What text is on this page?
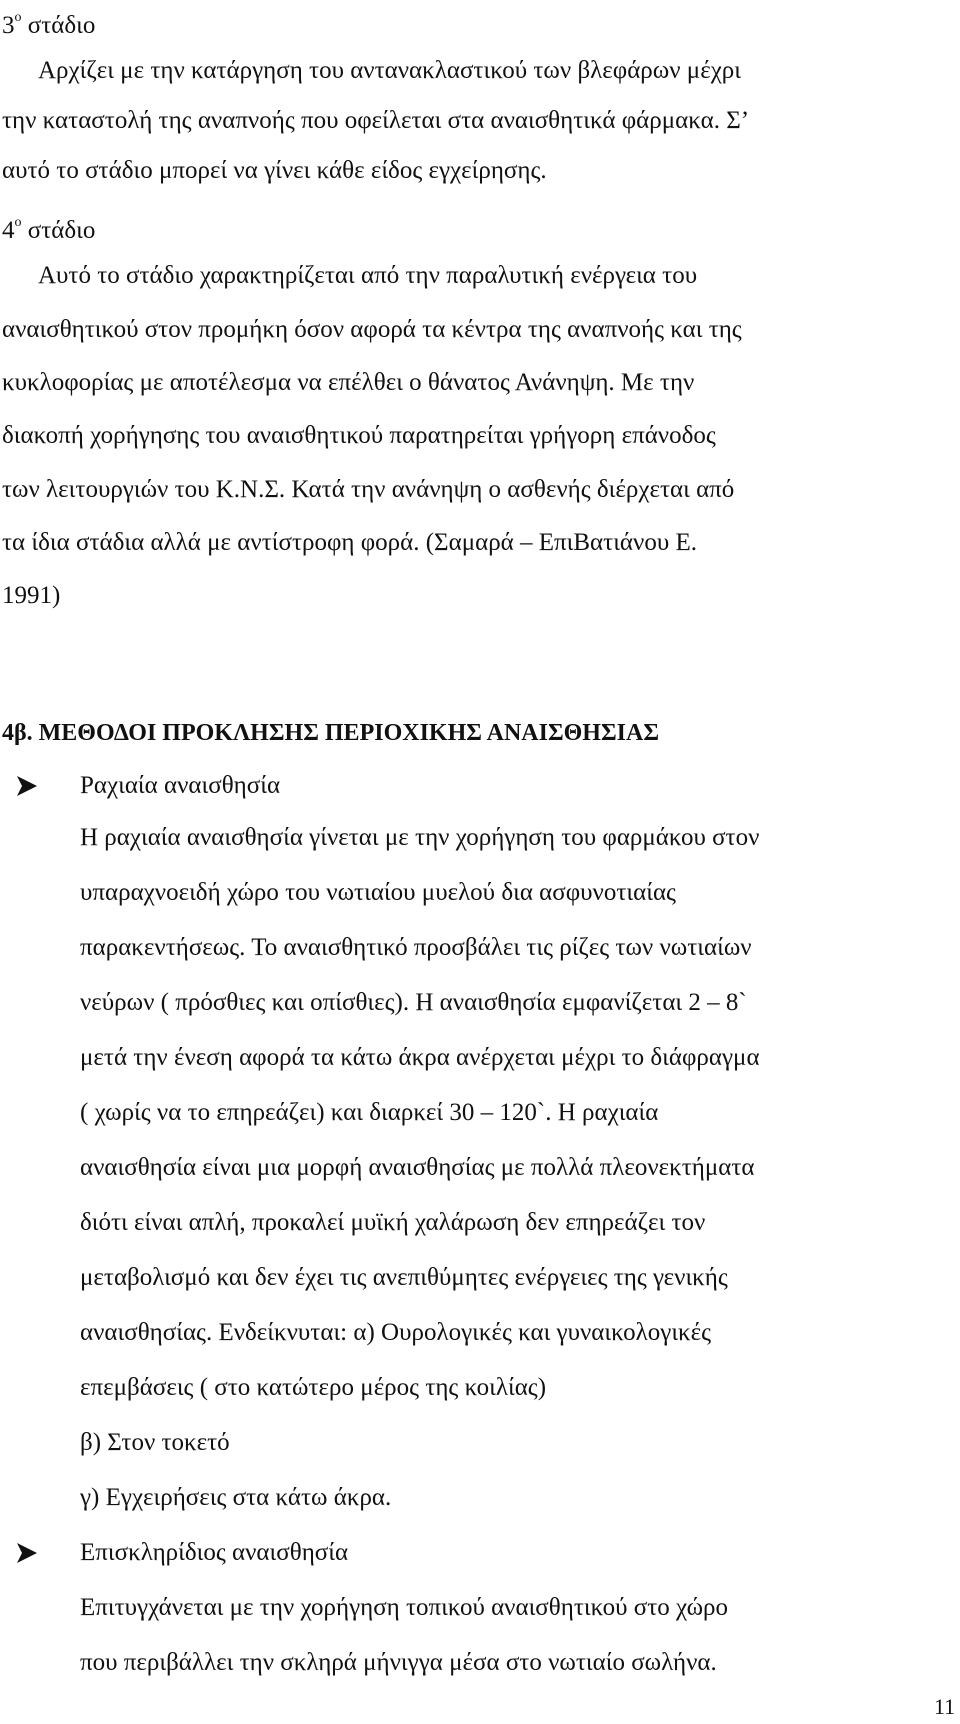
$3^o$ στάδιο
Αρχίζει με την κατάργηση του αντανακλαστικού των βλεφάρων μέχρι
την καταστολή της αναπνοής που οφείλεται στα αναισθητικά φάρμακα. Σ’
αυτό το στάδιο μπορεί να γίνει κάθε είδος εγχείρησης.
$4^o$ στάδιο
Αυτό το στάδιο χαρακτηρίζεται από την παραλυτική ενέργεια του
αναισθητικού στον προμήκη όσον αφορά τα κέντρα της αναπνοής και της
κυκλοφορίας με αποτέλεσμα να επέλθει ο θάνατος Ανάνηψη. Με την
διακοπή χορήγησης του αναισθητικού παρατηρείται γρήγορη επάνοδος
των λειτουργιών του Κ.Ν.Σ. Κατά την ανάνηψη ο ασθενής διέρχεται από
τα ίδια στάδια αλλά με αντίστροφη φορά. (Σαμαρά – ΕπιΒατιάνου Ε.
1991)
4β. ΜΕΘΟΔΟΙ ΠΡΟΚΛΗΣΗΣ ΠΕΡΙΟΧΙΚΗΣ ΑΝΑΙΣΘΗΣΙΑΣ
Ραχιαία αναισθησία
Η ραχιαία αναισθησία γίνεται με την χορήγηση του φαρμάκου στον
υπαραχνοειδή χώρο του νωτιαίου μυελού δια ασφυνοτιαίας
παρακεντήσεως. Το αναισθητικό προσβάλει τις ρίζες των νωτιαίων
νεύρων ( πρόσθιες και οπίσθιες). Η αναισθησία εμφανίζεται 2 – 8`
μετά την ένεση αφορά τα κάτω άκρα ανέρχεται μέχρι το διάφραγμα
( χωρίς να το επηρεάζει) και διαρκεί 30 – 120`. Η ραχιαία
αναισθησία είναι μια μορφή αναισθησίας με πολλά πλεονεκτήματα
διότι είναι απλή, προκαλεί μυϊκή χαλάρωση δεν επηρεάζει τον
μεταβολισμό και δεν έχει τις ανεπιθύμητες ενέργειες της γενικής
αναισθησίας. Ενδείκνυται: α) Ουρολογικές και γυναικολογικές
επεμβάσεις ( στο κατώτερο μέρος της κοιλίας)
β) Στον τοκετό
γ) Εγχειρήσεις στα κάτω άκρα.
Επισκληρίδιος αναισθησία
Επιτυγχάνεται με την χορήγηση τοπικού αναισθητικού στο χώρο
που περιβάλλει την σκληρά μήνιγγα μέσα στο νωτιαίο σωλήνα.
11
